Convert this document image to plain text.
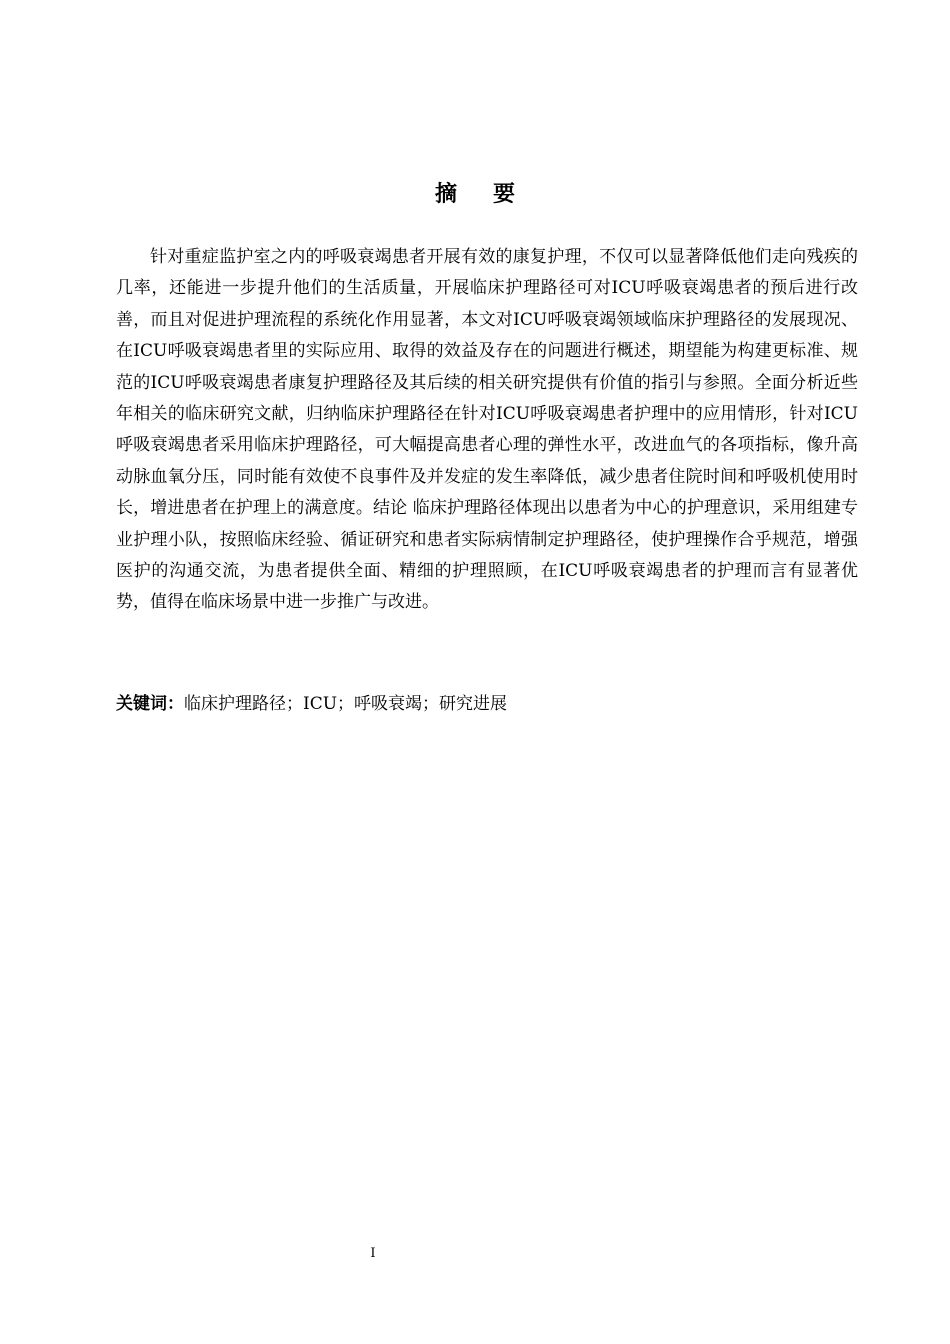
摘要

针对重症监护室之内的呼吸衰竭患者开展有效的康复护理，不仅可以显著降低他们走向残疾的几率，还能进一步提升他们的生活质量，开展临床护理路径可对ICU呼吸衰竭患者的预后进行改善，而且对促进护理流程的系统化作用显著，本文对ICU呼吸衰竭领域临床护理路径的发展现况、在ICU呼吸衰竭患者里的实际应用、取得的效益及存在的问题进行概述，期望能为构建更标准、规范的ICU呼吸衰竭患者康复护理路径及其后续的相关研究提供有价值的指引与参照。全面分析近些年相关的临床研究文献，归纳临床护理路径在针对ICU呼吸衰竭患者护理中的应用情形，针对ICU呼吸衰竭患者采用临床护理路径，可大幅提高患者心理的弹性水平，改进血气的各项指标，像升高动脉血氧分压，同时能有效使不良事件及并发症的发生率降低，减少患者住院时间和呼吸机使用时长，增进患者在护理上的满意度。结论 临床护理路径体现出以患者为中心的护理意识，采用组建专业护理小队，按照临床经验、循证研究和患者实际病情制定护理路径，使护理操作合乎规范，增强医护的沟通交流，为患者提供全面、精细的护理照顾，在ICU呼吸衰竭患者的护理而言有显著优势，值得在临床场景中进一步推广与改进。

关键词：临床护理路径；ICU；呼吸衰竭；研究进展
I
